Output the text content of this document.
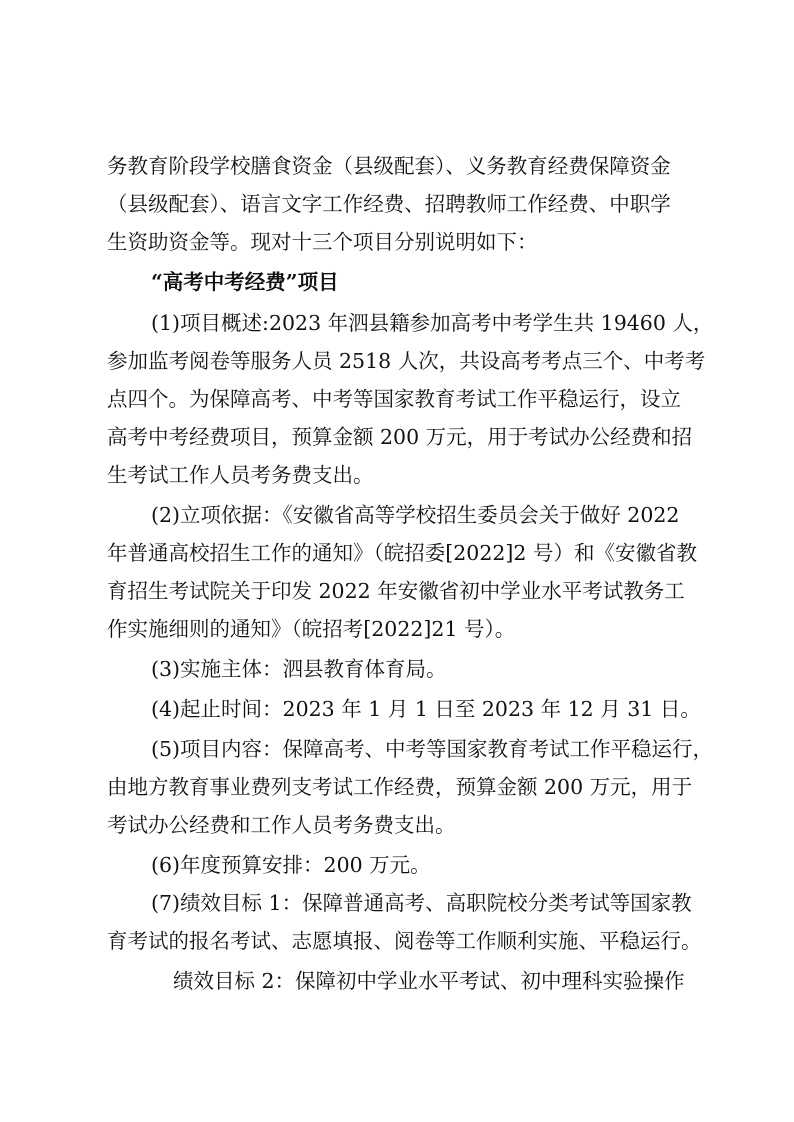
务教育阶段学校膳食资金（县级配套）、义务教育经费保障资金
（县级配套）、语言文字工作经费、招聘教师工作经费、中职学
生资助资金等。现对十三个项目分别说明如下：
“高考中考经费”项目
(1)项目概述:2023 年泗县籍参加高考中考学生共 19460 人，
参加监考阅卷等服务人员 2518 人次，共设高考考点三个、中考考
点四个。为保障高考、中考等国家教育考试工作平稳运行，设立
高考中考经费项目，预算金额 200 万元，用于考试办公经费和招
生考试工作人员考务费支出。
(2)立项依据：《安徽省高等学校招生委员会关于做好 2022
年普通高校招生工作的通知》（皖招委[2022]2 号）和《安徽省教
育招生考试院关于印发 2022 年安徽省初中学业水平考试教务工
作实施细则的通知》（皖招考[2022]21 号）。
(3)实施主体：泗县教育体育局。
(4)起止时间：2023 年 1 月 1 日至 2023 年 12 月 31 日。
(5)项目内容：保障高考、中考等国家教育考试工作平稳运行，
由地方教育事业费列支考试工作经费，预算金额 200 万元，用于
考试办公经费和工作人员考务费支出。
(6)年度预算安排：200 万元。
(7)绩效目标 1：保障普通高考、高职院校分类考试等国家教
育考试的报名考试、志愿填报、阅卷等工作顺利实施、平稳运行。
绩效目标 2：保障初中学业水平考试、初中理科实验操作
